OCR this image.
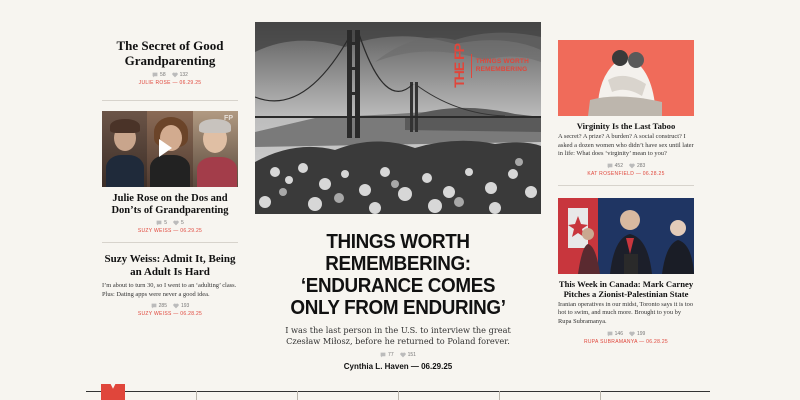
The Secret of Good Grandparenting
58	132
JULIE ROSE — 06.29.25
FP
Julie Rose on the Dos and Don’ts of Grandparenting
5	5
SUZY WEISS — 06.29.25
Suzy Weiss: Admit It, Being an Adult Is Hard

I’m about to turn 30, so I went to an ‘adulting’ class. Plus: Dating apps were never a good idea.

285	193
SUZY WEISS — 06.28.25
THE FP THINGS WORTH
REMEMBERING
THINGS WORTH REMEMBERING:
‘ENDURANCE COMES
ONLY FROM ENDURING’

I was the last person in the U.S. to interview the great Czesław Miłosz, before he returned to Poland forever.

77	151
Cynthia L. Haven — 06.29.25
Virginity Is the Last Taboo

A secret? A prize? A burden? A social construct? I asked a dozen women who didn’t have sex until later in life: What does ‘virginity’ mean to you?

452	283
KAT ROSENFIELD — 06.28.25
This Week in Canada: Mark Carney Pitches a Zionist-Palestinian State

Iranian operatives in our midst, Toronto says it is too hot to swim, and much more. Brought to you by Rupa Subramanya.

146	199
RUPA SUBRAMANYA — 06.28.25
